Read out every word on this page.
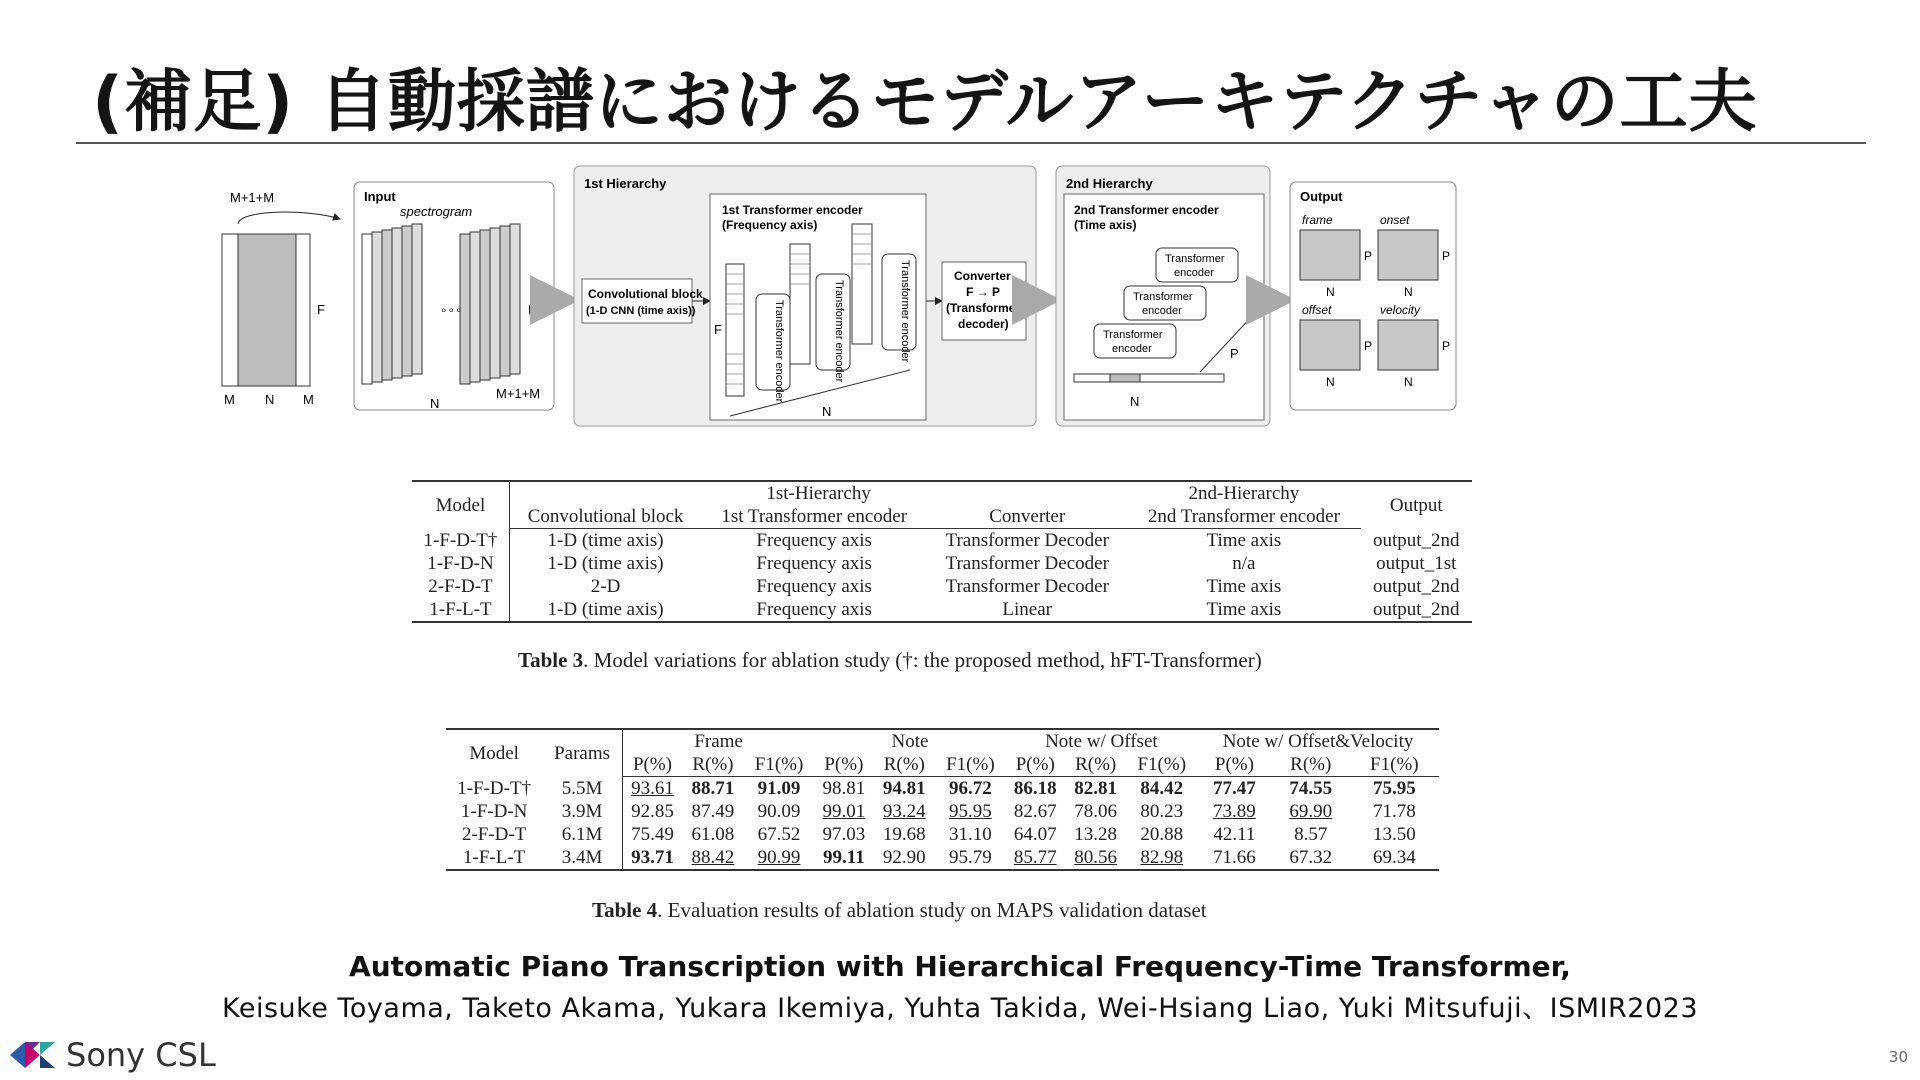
(補足) 自動採譜におけるモデルアーキテクチャの工夫
M+1+M
F
M N M
Input
spectrogram
∘∘∘	F
N
M+1+M
1st Hierarchy
Convolutional block
(1-D CNN (time axis))
1st Transformer encoder
(Frequency axis)
F	Transformer encoder	Transformer encoder	Transformer encoder
N
Converter
F → P
(Transformer
decoder)
2nd Hierarchy
2nd Transformer encoder
(Time axis)
Transformer
encoder
Transformer
encoder
Transformer
encoder	P
N
Output
frame	onset
P	P
N	N
offset	velocity
P	P
N	N
Model	1st-Hierarchy			2nd-Hierarchy	Output
	Convolutional block	1st Transformer encoder	Converter	2nd Transformer encoder	
1-F-D-T†	1-D (time axis)	Frequency axis	Transformer Decoder	Time axis	output_2nd
1-F-D-N	1-D (time axis)	Frequency axis	Transformer Decoder	n/a	output_1st
2-F-D-T	2-D	Frequency axis	Transformer Decoder	Time axis	output_2nd
1-F-L-T	1-D (time axis)	Frequency axis	Linear	Time axis	output_2nd
Table 3. Model variations for ablation study (†: the proposed method, hFT-Transformer)
Model	Params	Frame			Note			Note w/ Offset			Note w/ Offset&Velocity		
		P(%)	R(%)	F1(%)	P(%)	R(%)	F1(%)	P(%)	R(%)	F1(%)	P(%)	R(%)	F1(%)
1-F-D-T†	5.5M	93.61	88.71	91.09	98.81	94.81	96.72	86.18	82.81	84.42	77.47	74.55	75.95
1-F-D-N	3.9M	92.85	87.49	90.09	99.01	93.24	95.95	82.67	78.06	80.23	73.89	69.90	71.78
2-F-D-T	6.1M	75.49	61.08	67.52	97.03	19.68	31.10	64.07	13.28	20.88	42.11	8.57	13.50
1-F-L-T	3.4M	93.71	88.42	90.99	99.11	92.90	95.79	85.77	80.56	82.98	71.66	67.32	69.34
Table 4. Evaluation results of ablation study on MAPS validation dataset
Automatic Piano Transcription with Hierarchical Frequency-Time Transformer,
Keisuke Toyama, Taketo Akama, Yukara Ikemiya, Yuhta Takida, Wei-Hsiang Liao, Yuki Mitsufuji、ISMIR2023
Sony CSL	30
